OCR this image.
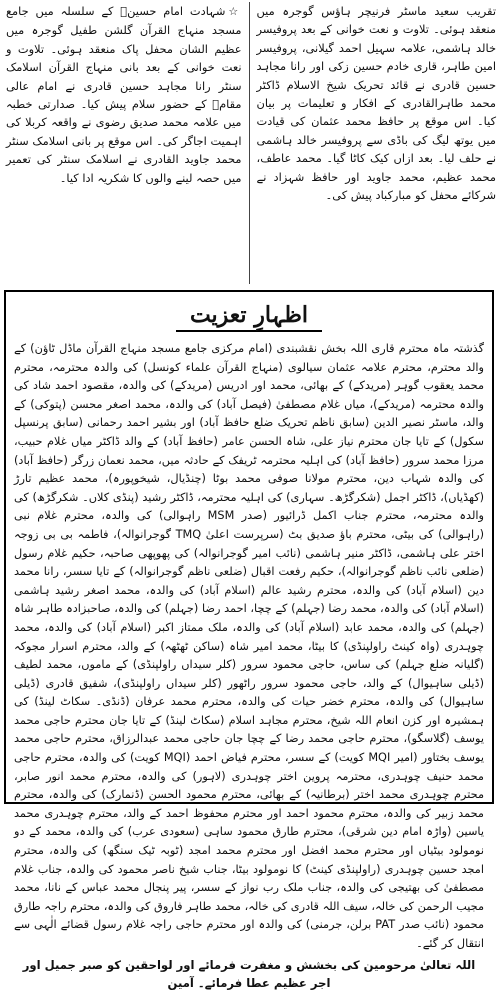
تقریب سعید ماسٹر فرنیچر ہاؤس گوجرہ میں منعقد ہوئی۔ تلاوت و نعت خوانی کے بعد پروفیسر خالد ہاشمی، علامہ سہیل احمد گیلانی، پروفیسر امین طاہر، قاری خادم حسین زکی اور رانا مجاہد حسین قادری نے قائد تحریک شیخ الاسلام ڈاکٹر محمد طاہرالقادری کے افکار و تعلیمات پر بیان کیا۔ اس موقع پر حافظ محمد عثمان کی قیادت میں یوتھ لیگ کی باڈی سے پروفیسر خالد ہاشمی نے حلف لیا۔ بعد ازاں کیک کاٹا گیا۔ محمد عاطف، محمد عظیم، محمد جاوید اور حافظ شہزاد نے شرکائے محفل کو مبارکباد پیش کی۔

☆شہادت امام حسینؑ کے سلسلہ میں جامع مسجد منہاج القرآن گلشن طفیل گوجرہ میں عظیم الشان محفل پاک منعقد ہوئی۔ تلاوت و نعت خوانی کے بعد بانی منہاج القرآن اسلامک سنٹر رانا مجاہد حسین قادری نے امام عالی مقامؑ کے حضور سلام پیش کیا۔ صدارتی خطبہ میں علامہ محمد صدیق رضوی نے واقعہ کربلا کی اہمیت اجاگر کی۔ اس موقع پر بانی اسلامک سنٹر محمد جاوید القادری نے اسلامک سنٹر کی تعمیر میں حصہ لینے والوں کا شکریہ ادا کیا۔

اظہارِ تعزیت

گذشتہ ماہ محترم قاری اللہ بخش نقشبندی (امام مرکزی جامع مسجد منہاج القرآن ماڈل ٹاؤن) کے والد محترم، محترم علامہ عثمان سیالوی (منہاج القرآن علماء کونسل) کی والدہ محترمہ، محترم محمد یعقوب گوہر (مریدکے) کے بھائی، محمد اور ادریس (مریدکے) کی والدہ، مقصود احمد شاد کی والدہ محترمہ (مریدکے)، میاں غلام مصطفیٰ (فیصل آباد) کی والدہ، محمد اصغر محسن (پتوکی) کے والد، ماسٹر نصیر الدین (سابق ناظم تحریک ضلع حافظ آباد) اور بشیر احمد رحمانی (سابق پرنسپل سکول) کے تایا جان محترم نیاز علی، شاہ الحسن عامر (حافظ آباد) کے والد ڈاکٹر میاں غلام حبیب، مرزا محمد سرور (حافظ آباد) کی اہلیہ محترمہ ٹریفک کے حادثہ میں، محمد نعمان زرگر (حافظ آباد) کی والدہ شہاب دین، محترم مولانا صوفی محمد بوٹا (چنڈیال، شیخوپورہ)، محمد عظیم تارڑ (کھڈیاں)، ڈاکٹر اجمل (شکرگڑھ۔ سہاری) کی اہلیہ محترمہ، ڈاکٹر رشید (پنڈی کلاں۔ شکرگڑھ) کی والدہ محترمہ، محترم جناب اکمل ڈرائیور (صدر MSM راہوالی) کی والدہ، محترم غلام نبی (راہوالی) کی بیٹی، محترم باؤ صدیق بٹ (سرپرست اعلیٰ TMQ گوجرانوالہ)، فاطمہ بی بی زوجہ اختر علی ہاشمی، ڈاکٹر منیر ہاشمی (نائب امیر گوجرانوالہ) کی پھوپھی صاحبہ، حکیم غلام رسول (ضلعی نائب ناظم گوجرانوالہ)، حکیم رفعت اقبال (ضلعی ناظم گوجرانوالہ) کے تایا سسر، رانا محمد دین (اسلام آباد) کی والدہ، محترم رشید عالم (اسلام آباد) کی والدہ، محمد اصغر رشید ہاشمی (اسلام آباد) کی والدہ، محمد رضا (جہلم) کے چچا، احمد رضا (جہلم) کی والدہ، صاحبزادہ طاہر شاہ (جہلم) کی والدہ، محمد عابد (اسلام آباد) کی والدہ، ملک ممتاز اکبر (اسلام آباد) کی والدہ، محمد چوہدری (واہ کینٹ راولپنڈی) کا بیٹا، محمد امیر شاہ (ساکن ٹھٹھہ) کے والد، محترم اسرار مجوکہ (گلیانہ ضلع جہلم) کی ساس، حاجی محمود سرور (کلر سیداں راولپنڈی) کے ماموں، محمد لطیف (ڈیلی ساہیوال) کے والد، حاجی محمود سرور راٹھور (کلر سیداں راولپنڈی)، شفیق قادری (ڈیلی ساہیوال) کی والدہ، محترم خضر حیات کی والدہ، محترم محمد عرفان (ڈنڈی۔ سکاٹ لینڈ) کی ہمشیرہ اور کزن انعام اللہ شیخ، محترم مجاہد اسلام (سکاٹ لینڈ) کے تایا جان محترم حاجی محمد یوسف (گلاسگو)، محترم حاجی محمد رضا کے چچا جان حاجی محمد عبدالرزاق، محترم حاجی محمد یوسف بختاور (امیر MQI کویت) کے سسر، محترم فیاض احمد (MQI کویت) کی والدہ، محترم حاجی محمد حنیف چوہدری، محترمہ پروین اختر چوہدری (لاہور) کی والدہ، محترم محمد انور صابر، محترم چوہدری محمد اختر (برطانیہ) کے بھائی، محترم محمود الحسن (ڈنمارک) کی والدہ، محترم محمد زبیر کی والدہ، محترم محمود احمد اور محترم محفوظ احمد کے والد، محترم چوہدری محمد یاسین (واڑہ امام دین شرقی)، محترم طارق محمود ساہی (سعودی عرب) کی والدہ، محمد کے دو نومولود بیٹیاں اور محترم محمد افضل اور محترم محمد امجد (ٹوبہ ٹیک سنگھ) کی والدہ، محترم امجد حسین چوہدری (راولپنڈی کینٹ) کا نومولود بیٹا، جناب شیخ ناصر محمود کی والدہ، جناب غلام مصطفیٰ کی بھتیجی کی والدہ، جناب ملک رب نواز کے سسر، پیر پنجال محمد عباس کے نانا، محمد مجیب الرحمن کی خالہ، سیف اللہ قادری کی خالہ، محمد طاہر فاروق کی والدہ، محترم راجہ طارق محمود (نائب صدر PAT برلن، جرمنی) کی والدہ اور محترم حاجی راجہ غلام رسول قضائے الٰہی سے انتقال کر گئے۔

اللہ تعالیٰ مرحومین کی بخشش و مغفرت فرمائے اور لواحقین کو صبر جمیل اور اجر عظیم عطا فرمائے۔ آمین
